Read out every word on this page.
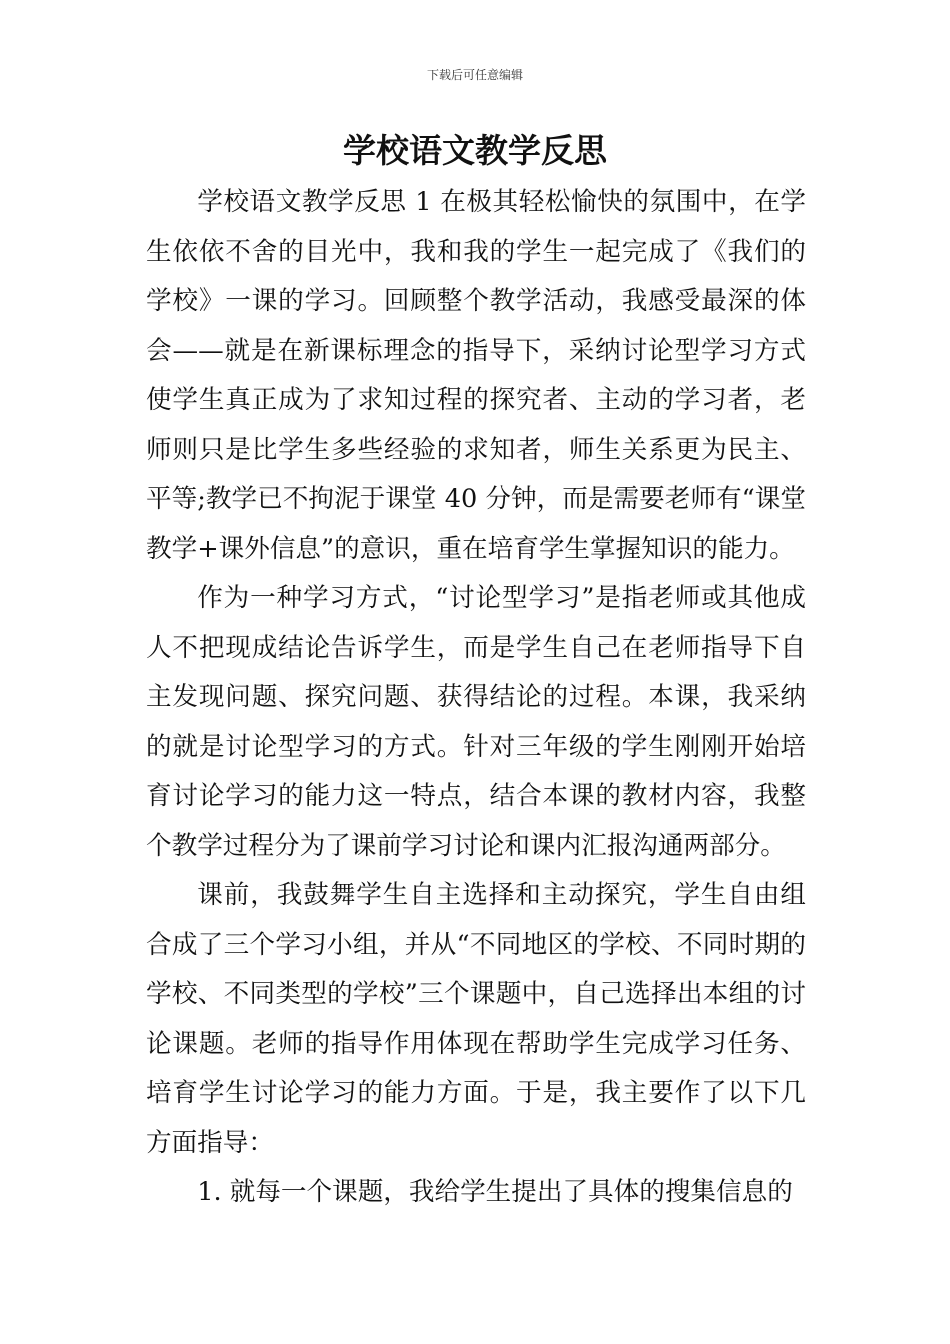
下载后可任意编辑
学校语文教学反思

学校语文教学反思 1 在极其轻松愉快的氛围中，在学生依依不舍的目光中，我和我的学生一起完成了《我们的学校》一课的学习。回顾整个教学活动，我感受最深的体会——就是在新课标理念的指导下，采纳讨论型学习方式使学生真正成为了求知过程的探究者、主动的学习者，老师则只是比学生多些经验的求知者，师生关系更为民主、平等;教学已不拘泥于课堂 40 分钟，而是需要老师有“课堂教学+课外信息”的意识，重在培育学生掌握知识的能力。

作为一种学习方式，“讨论型学习”是指老师或其他成人不把现成结论告诉学生，而是学生自己在老师指导下自主发现问题、探究问题、获得结论的过程。本课，我采纳的就是讨论型学习的方式。针对三年级的学生刚刚开始培育讨论学习的能力这一特点，结合本课的教材内容，我整个教学过程分为了课前学习讨论和课内汇报沟通两部分。

课前，我鼓舞学生自主选择和主动探究，学生自由组合成了三个学习小组，并从“不同地区的学校、不同时期的学校、不同类型的学校”三个课题中，自己选择出本组的讨论课题。老师的指导作用体现在帮助学生完成学习任务、培育学生讨论学习的能力方面。于是，我主要作了以下几方面指导：

1. 就每一个课题，我给学生提出了具体的搜集信息的
